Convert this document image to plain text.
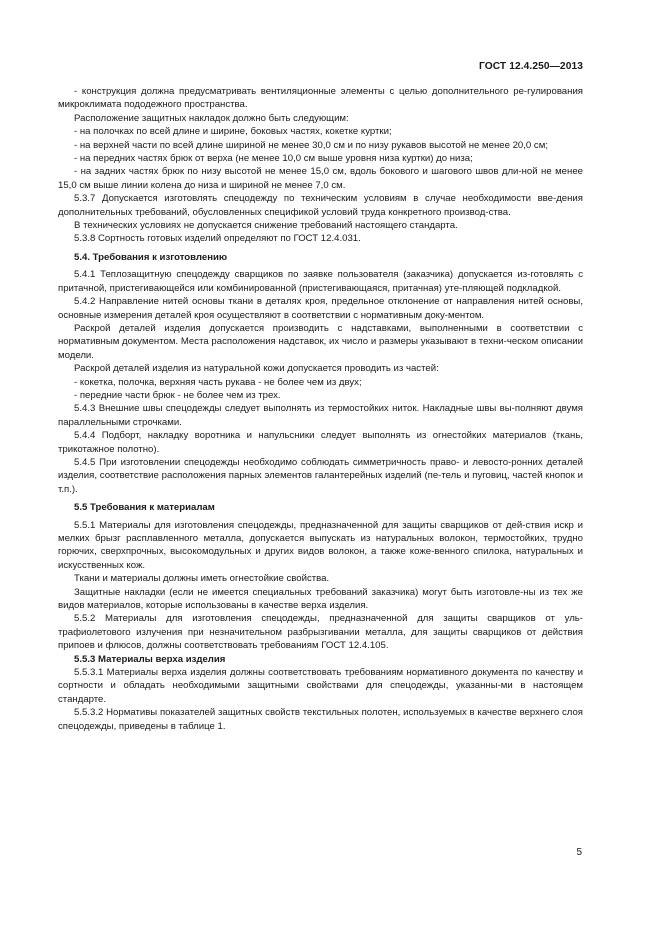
ГОСТ 12.4.250—2013

- конструкция должна предусматривать вентиляционные элементы с целью дополнительного ре-гулирования микроклимата пододежного пространства.

Расположение защитных накладок должно быть следующим:

- на полочках по всей длине и ширине, боковых частях, кокетке куртки;

- на верхней части по всей длине шириной не менее 30,0 см и по низу рукавов высотой не менее 20,0 см;

- на передних частях брюк от верха (не менее 10,0 см выше уровня низа куртки) до низа;

- на задних частях брюк по низу высотой не менее 15,0 см, вдоль бокового и шагового швов дли-ной не менее 15,0 см выше линии колена до низа и шириной не менее 7,0 см.

5.3.7 Допускается изготовлять спецодежду по техническим условиям в случае необходимости вве-дения дополнительных требований, обусловленных спецификой условий труда конкретного производ-ства.

В технических условиях не допускается снижение требований настоящего стандарта.

5.3.8 Сортность готовых изделий определяют по ГОСТ 12.4.031.

5.4. Требования к изготовлению

5.4.1 Теплозащитную спецодежду сварщиков по заявке пользователя (заказчика) допускается из-готовлять с притачной, пристегивающейся или комбинированной (пристегивающаяся, притачная) уте-пляющей подкладкой.

5.4.2 Направление нитей основы ткани в деталях кроя, предельное отклонение от направления нитей основы, основные измерения деталей кроя осуществляют в соответствии с нормативным доку-ментом.

Раскрой деталей изделия допускается производить с надставками, выполненными в соответствии с нормативным документом. Места расположения надставок, их число и размеры указывают в техни-ческом описании модели.

Раскрой деталей изделия из натуральной кожи допускается проводить из частей:

- кокетка, полочка, верхняя часть рукава - не более чем из двух;

- передние части брюк - не более чем из трех.

5.4.3 Внешние швы спецодежды следует выполнять из термостойких ниток. Накладные швы вы-полняют двумя параллельными строчками.

5.4.4 Подборт, накладку воротника и напульсники следует выполнять из огнестойких материалов (ткань, трикотажное полотно).

5.4.5 При изготовлении спецодежды необходимо соблюдать симметричность право- и левосто-ронних деталей изделия, соответствие расположения парных элементов галантерейных изделий (пе-тель и пуговиц, частей кнопок и т.п.).

5.5 Требования к материалам

5.5.1 Материалы для изготовления спецодежды, предназначенной для защиты сварщиков от дей-ствия искр и мелких брызг расплавленного металла, допускается выпускать из натуральных волокон, термостойких, трудно горючих, сверхпрочных, высокомодульных и других видов волокон, а также коже-венного спилока, натуральных и искусственных кож.

Ткани и материалы должны иметь огнестойкие свойства.

Защитные накладки (если не имеется специальных требований заказчика) могут быть изготовле-ны из тех же видов материалов, которые использованы в качестве верха изделия.

5.5.2 Материалы для изготовления спецодежды, предназначенной для защиты сварщиков от уль-трафиолетового излучения при незначительном разбрызгивании металла, для защиты сварщиков от действия припоев и флюсов, должны соответствовать требованиям ГОСТ 12.4.105.

5.5.3 Материалы верха изделия

5.5.3.1 Материалы верха изделия должны соответствовать требованиям нормативного документа по качеству и сортности и обладать необходимыми защитными свойствами для спецодежды, указанны-ми в настоящем стандарте.

5.5.3.2 Нормативы показателей защитных свойств текстильных полотен, используемых в качестве верхнего слоя спецодежды, приведены в таблице 1.

5
